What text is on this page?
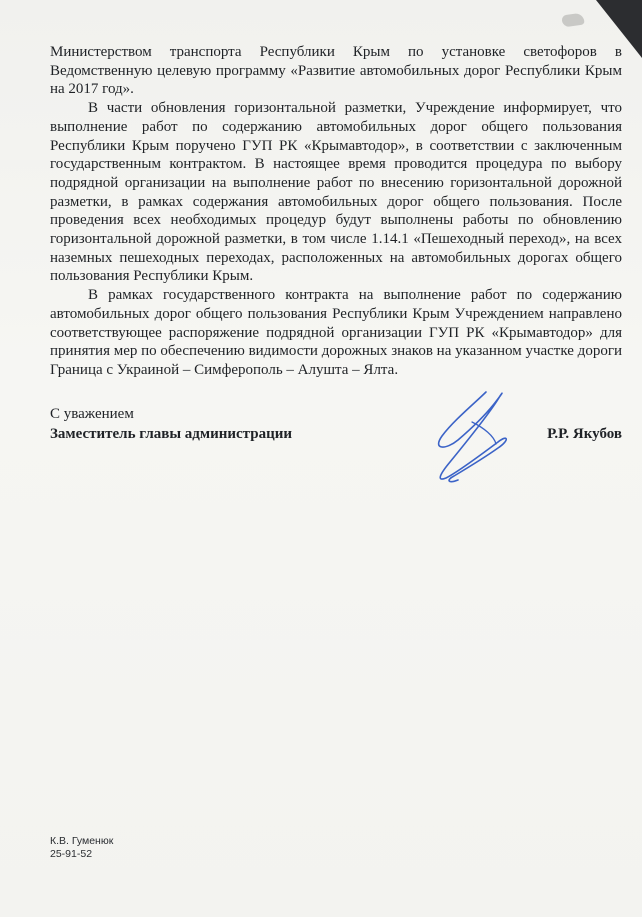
Министерством транспорта Республики Крым по установке светофоров в Ведомственную целевую программу «Развитие автомобильных дорог Республики Крым на 2017 год».

В части обновления горизонтальной разметки, Учреждение информирует, что выполнение работ по содержанию автомобильных дорог общего пользования Республики Крым поручено ГУП РК «Крымавтодор», в соответствии с заключенным государственным контрактом. В настоящее время проводится процедура по выбору подрядной организации на выполнение работ по внесению горизонтальной дорожной разметки, в рамках содержания автомобильных дорог общего пользования. После проведения всех необходимых процедур будут выполнены работы по обновлению горизонтальной дорожной разметки, в том числе 1.14.1 «Пешеходный переход», на всех наземных пешеходных переходах, расположенных на автомобильных дорогах общего пользования Республики Крым.

В рамках государственного контракта на выполнение работ по содержанию автомобильных дорог общего пользования Республики Крым Учреждением направлено соответствующее распоряжение подрядной организации ГУП РК «Крымавтодор» для принятия мер по обеспечению видимости дорожных знаков на указанном участке дороги Граница с Украиной – Симферополь – Алушта – Ялта.

С уважением
Заместитель главы администрации	Р.Р. Якубов
К.В. Гуменюк
25-91-52
